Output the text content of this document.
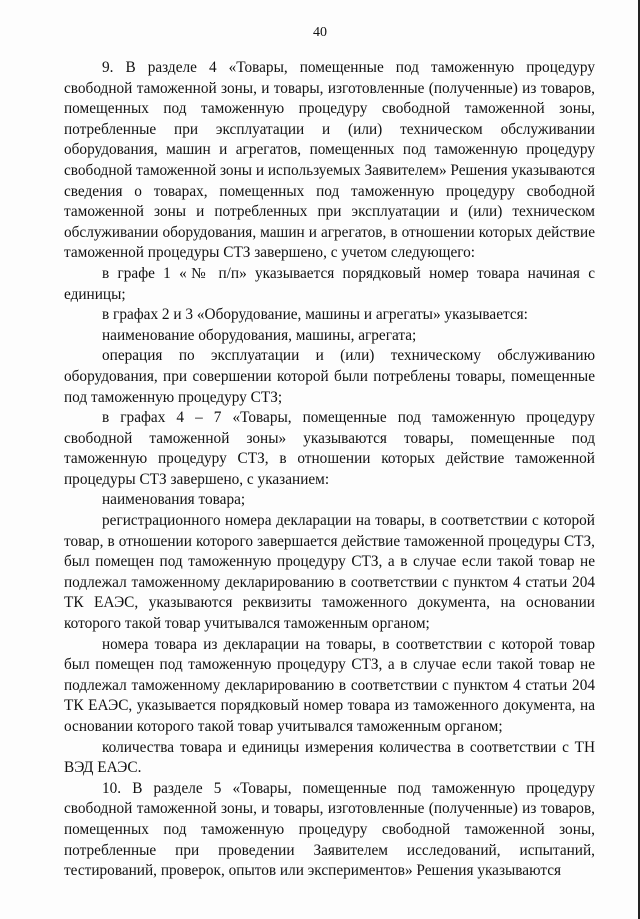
40

9. В разделе 4 «Товары, помещенные под таможенную процедуру свободной таможенной зоны, и товары, изготовленные (полученные) из товаров, помещенных под таможенную процедуру свободной таможенной зоны, потребленные при эксплуатации и (или) техническом обслуживании оборудования, машин и агрегатов, помещенных под таможенную процедуру свободной таможенной зоны и используемых Заявителем» Решения указываются сведения о товарах, помещенных под таможенную процедуру свободной таможенной зоны и потребленных при эксплуатации и (или) техническом обслуживании оборудования, машин и агрегатов, в отношении которых действие таможенной процедуры СТЗ завершено, с учетом следующего:

в графе 1 «№ п/п» указывается порядковый номер товара начиная с единицы;

в графах 2 и 3 «Оборудование, машины и агрегаты» указывается:

наименование оборудования, машины, агрегата;

операция по эксплуатации и (или) техническому обслуживанию оборудования, при совершении которой были потреблены товары, помещенные под таможенную процедуру СТЗ;

в графах 4 – 7 «Товары, помещенные под таможенную процедуру свободной таможенной зоны» указываются товары, помещенные под таможенную процедуру СТЗ, в отношении которых действие таможенной процедуры СТЗ завершено, с указанием:

наименования товара;

регистрационного номера декларации на товары, в соответствии с которой товар, в отношении которого завершается действие таможенной процедуры СТЗ, был помещен под таможенную процедуру СТЗ, а в случае если такой товар не подлежал таможенному декларированию в соответствии с пунктом 4 статьи 204 ТК ЕАЭС, указываются реквизиты таможенного документа, на основании которого такой товар учитывался таможенным органом;

номера товара из декларации на товары, в соответствии с которой товар был помещен под таможенную процедуру СТЗ, а в случае если такой товар не подлежал таможенному декларированию в соответствии с пунктом 4 статьи 204 ТК ЕАЭС, указывается порядковый номер товара из таможенного документа, на основании которого такой товар учитывался таможенным органом;

количества товара и единицы измерения количества в соответствии с ТН ВЭД ЕАЭС.

10. В разделе 5 «Товары, помещенные под таможенную процедуру свободной таможенной зоны, и товары, изготовленные (полученные) из товаров, помещенных под таможенную процедуру свободной таможенной зоны, потребленные при проведении Заявителем исследований, испытаний, тестирований, проверок, опытов или экспериментов» Решения указываются
